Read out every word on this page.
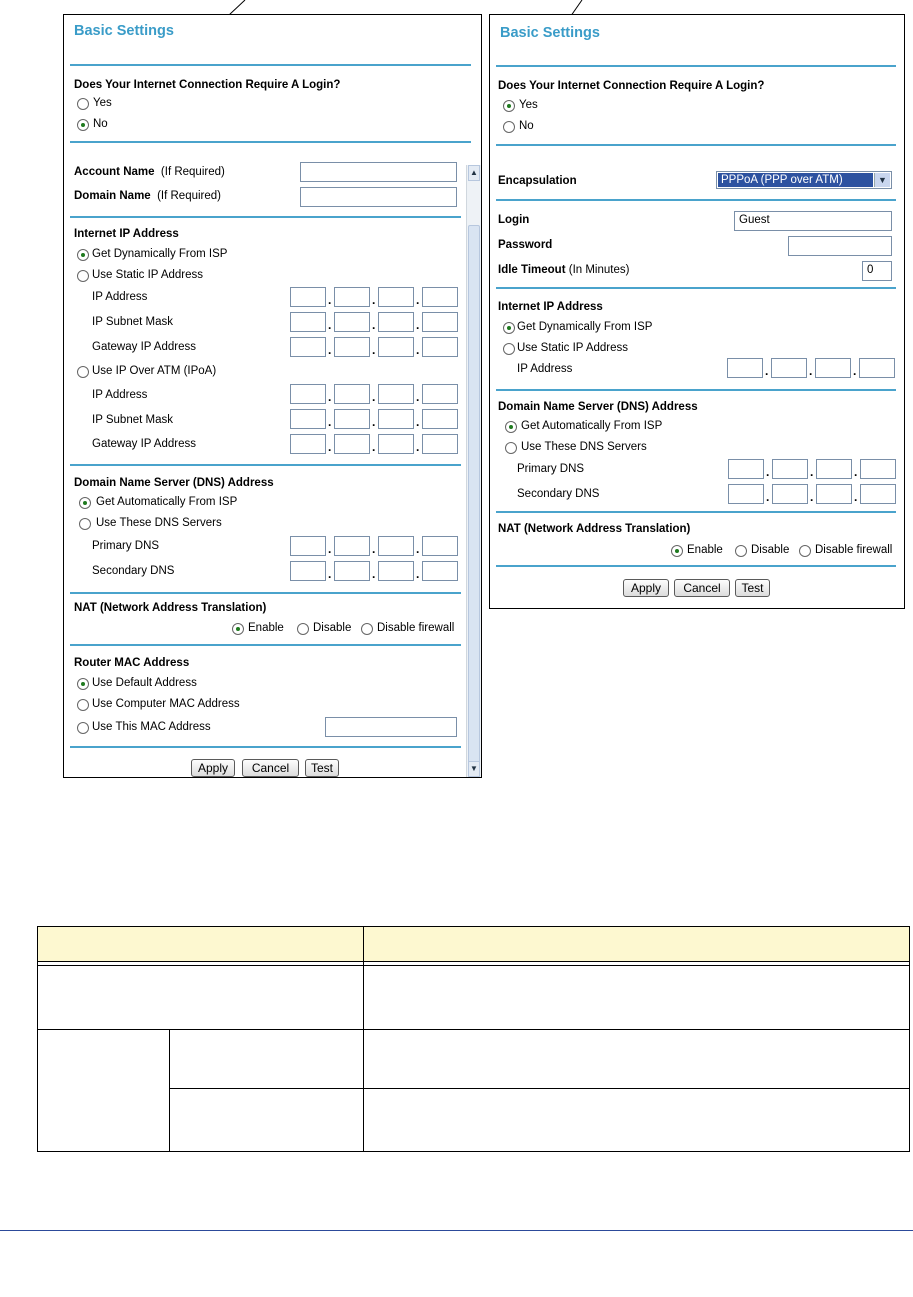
Basic Settings
Does Your Internet Connection Require A Login?
Yes
No
Account Name (If Required)
Domain Name (If Required)
Internet IP Address
Get Dynamically From ISP
Use Static IP Address
IP Address	.	.	.
IP Subnet Mask	.	.	.
Gateway IP Address	.	.	.
Use IP Over ATM (IPoA)
IP Address	.	.	.
IP Subnet Mask	.	.	.
Gateway IP Address	.	.	.
Domain Name Server (DNS) Address
Get Automatically From ISP
Use These DNS Servers
Primary DNS	.	.	.
Secondary DNS	.	.	.
NAT (Network Address Translation)
Enable	Disable Disable firewall
Router MAC Address
Use Default Address
Use Computer MAC Address
Use This MAC Address
Apply	Cancel	Test
▲
▼
Basic Settings
Does Your Internet Connection Require A Login?
Yes
No
Encapsulation	PPPoA (PPP over ATM)	▼
Login	Guest
Password
Idle Timeout (In Minutes)	0
Internet IP Address
Get Dynamically From ISP
Use Static IP Address
IP Address	.	.	.
Domain Name Server (DNS) Address
Get Automatically From ISP
Use These DNS Servers
Primary DNS	.	.	.
Secondary DNS	.	.	.
NAT (Network Address Translation)
Enable Disable Disable firewall
Apply	Cancel	Test
